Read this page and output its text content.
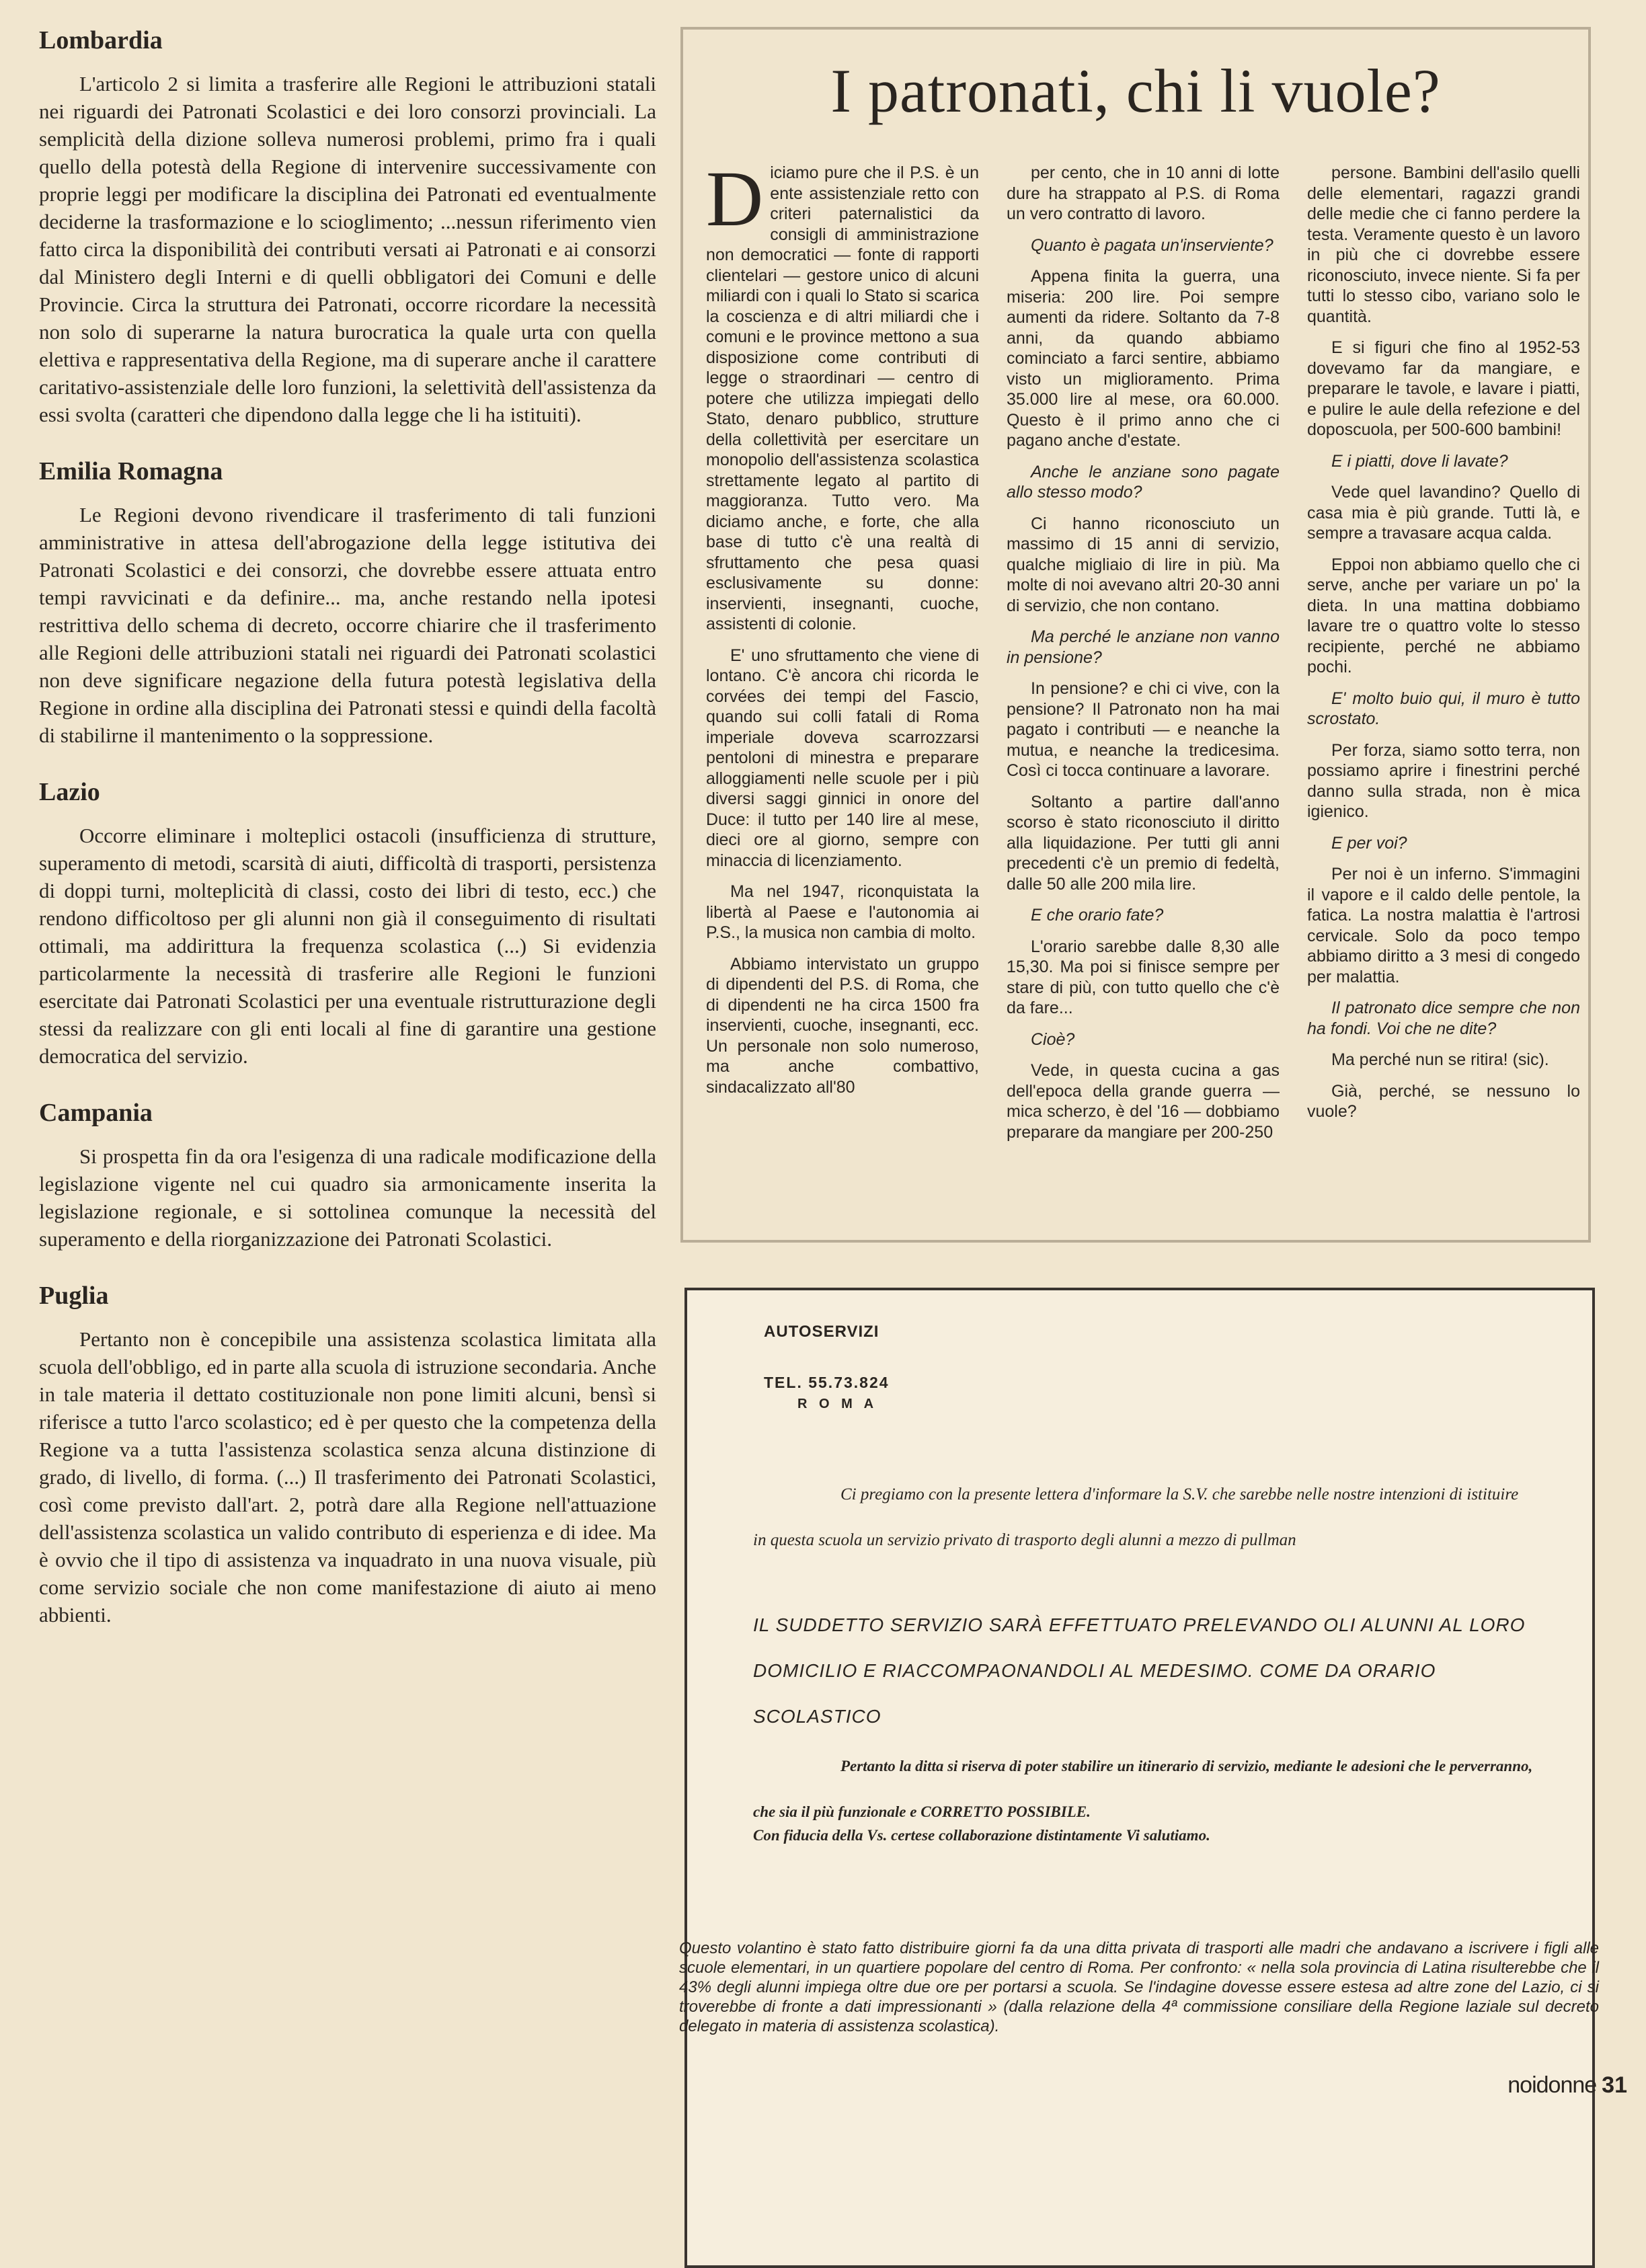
Lombardia

L'articolo 2 si limita a trasferire alle Regioni le attribuzioni statali nei riguardi dei Patronati Scolastici e dei loro consorzi provinciali. La semplicità della dizione solleva numerosi problemi, primo fra i quali quello della potestà della Regione di intervenire successivamente con proprie leggi per modificare la disciplina dei Patronati ed eventualmente deciderne la trasformazione e lo scioglimento; ...nessun riferimento vien fatto circa la disponibilità dei contributi versati ai Patronati e ai consorzi dal Ministero degli Interni e di quelli obbligatori dei Comuni e delle Provincie. Circa la struttura dei Patronati, occorre ricordare la necessità non solo di superarne la natura burocratica la quale urta con quella elettiva e rappresentativa della Regione, ma di superare anche il carattere caritativo-assistenziale delle loro funzioni, la selettività dell'assistenza da essi svolta (caratteri che dipendono dalla legge che li ha istituiti).

Emilia Romagna

Le Regioni devono rivendicare il trasferimento di tali funzioni amministrative in attesa dell'abrogazione della legge istitutiva dei Patronati Scolastici e dei consorzi, che dovrebbe essere attuata entro tempi ravvicinati e da definire... ma, anche restando nella ipotesi restrittiva dello schema di decreto, occorre chiarire che il trasferimento alle Regioni delle attribuzioni statali nei riguardi dei Patronati scolastici non deve significare negazione della futura potestà legislativa della Regione in ordine alla disciplina dei Patronati stessi e quindi della facoltà di stabilirne il mantenimento o la soppressione.

Lazio

Occorre eliminare i molteplici ostacoli (insufficienza di strutture, superamento di metodi, scarsità di aiuti, difficoltà di trasporti, persistenza di doppi turni, molteplicità di classi, costo dei libri di testo, ecc.) che rendono difficoltoso per gli alunni non già il conseguimento di risultati ottimali, ma addirittura la frequenza scolastica (...) Si evidenzia particolarmente la necessità di trasferire alle Regioni le funzioni esercitate dai Patronati Scolastici per una eventuale ristrutturazione degli stessi da realizzare con gli enti locali al fine di garantire una gestione democratica del servizio.

Campania

Si prospetta fin da ora l'esigenza di una radicale modificazione della legislazione vigente nel cui quadro sia armonicamente inserita la legislazione regionale, e si sottolinea comunque la necessità del superamento e della riorganizzazione dei Patronati Scolastici.

Puglia

Pertanto non è concepibile una assistenza scolastica limitata alla scuola dell'obbligo, ed in parte alla scuola di istruzione secondaria. Anche in tale materia il dettato costituzionale non pone limiti alcuni, bensì si riferisce a tutto l'arco scolastico; ed è per questo che la competenza della Regione va a tutta l'assistenza scolastica senza alcuna distinzione di grado, di livello, di forma. (...) Il trasferimento dei Patronati Scolastici, così come previsto dall'art. 2, potrà dare alla Regione nell'attuazione dell'assistenza scolastica un valido contributo di esperienza e di idee. Ma è ovvio che il tipo di assistenza va inquadrato in una nuova visuale, più come servizio sociale che non come manifestazione di aiuto ai meno abbienti.

I patronati, chi li vuole?

Diciamo pure che il P.S. è un ente assistenziale retto con criteri paternalistici da consigli di amministrazione non democratici — fonte di rapporti clientelari — gestore unico di alcuni miliardi con i quali lo Stato si scarica la coscienza e di altri miliardi che i comuni e le province mettono a sua disposizione come contributi di legge o straordinari — centro di potere che utilizza impiegati dello Stato, denaro pubblico, strutture della collettività per esercitare un monopolio dell'assistenza scolastica strettamente legato al partito di maggioranza. Tutto vero. Ma diciamo anche, e forte, che alla base di tutto c'è una realtà di sfruttamento che pesa quasi esclusivamente su donne: inservienti, insegnanti, cuoche, assistenti di colonie.

E' uno sfruttamento che viene di lontano. C'è ancora chi ricorda le corvées dei tempi del Fascio, quando sui colli fatali di Roma imperiale doveva scarrozzarsi pentoloni di minestra e preparare alloggiamenti nelle scuole per i più diversi saggi ginnici in onore del Duce: il tutto per 140 lire al mese, dieci ore al giorno, sempre con minaccia di licenziamento.

Ma nel 1947, riconquistata la libertà al Paese e l'autonomia ai P.S., la musica non cambia di molto.

Abbiamo intervistato un gruppo di dipendenti del P.S. di Roma, che di dipendenti ne ha circa 1500 fra inservienti, cuoche, insegnanti, ecc. Un personale non solo numeroso, ma anche combattivo, sindacalizzato all'80

per cento, che in 10 anni di lotte dure ha strappato al P.S. di Roma un vero contratto di lavoro.

Quanto è pagata un'inserviente?

Appena finita la guerra, una miseria: 200 lire. Poi sempre aumenti da ridere. Soltanto da 7-8 anni, da quando abbiamo cominciato a farci sentire, abbiamo visto un miglioramento. Prima 35.000 lire al mese, ora 60.000. Questo è il primo anno che ci pagano anche d'estate.

Anche le anziane sono pagate allo stesso modo?

Ci hanno riconosciuto un massimo di 15 anni di servizio, qualche migliaio di lire in più. Ma molte di noi avevano altri 20-30 anni di servizio, che non contano.

Ma perché le anziane non vanno in pensione?

In pensione? e chi ci vive, con la pensione? Il Patronato non ha mai pagato i contributi — e neanche la mutua, e neanche la tredicesima. Così ci tocca continuare a lavorare.

Soltanto a partire dall'anno scorso è stato riconosciuto il diritto alla liquidazione. Per tutti gli anni precedenti c'è un premio di fedeltà, dalle 50 alle 200 mila lire.

E che orario fate?

L'orario sarebbe dalle 8,30 alle 15,30. Ma poi si finisce sempre per stare di più, con tutto quello che c'è da fare...

Cioè?

Vede, in questa cucina a gas dell'epoca della grande guerra — mica scherzo, è del '16 — dobbiamo preparare da mangiare per 200-250

persone. Bambini dell'asilo quelli delle elementari, ragazzi grandi delle medie che ci fanno perdere la testa. Veramente questo è un lavoro in più che ci dovrebbe essere riconosciuto, invece niente. Si fa per tutti lo stesso cibo, variano solo le quantità.

E si figuri che fino al 1952-53 dovevamo far da mangiare, e preparare le tavole, e lavare i piatti, e pulire le aule della refezione e del doposcuola, per 500-600 bambini!

E i piatti, dove li lavate?

Vede quel lavandino? Quello di casa mia è più grande. Tutti là, e sempre a travasare acqua calda.

Eppoi non abbiamo quello che ci serve, anche per variare un po' la dieta. In una mattina dobbiamo lavare tre o quattro volte lo stesso recipiente, perché ne abbiamo pochi.

E' molto buio qui, il muro è tutto scrostato.

Per forza, siamo sotto terra, non possiamo aprire i finestrini perché danno sulla strada, non è mica igienico.

E per voi?

Per noi è un inferno. S'immagini il vapore e il caldo delle pentole, la fatica. La nostra malattia è l'artrosi cervicale. Solo da poco tempo abbiamo diritto a 3 mesi di congedo per malattia.

Il patronato dice sempre che non ha fondi. Voi che ne dite?

Ma perché nun se ritira! (sic).

Già, perché, se nessuno lo vuole?

AUTOSERVIZI
TEL. 55.73.824
R O M A
Ci pregiamo con la presente lettera d'informare la S.V. che sarebbe nelle nostre intenzioni di istituire in questa scuola un servizio privato di trasporto degli alunni a mezzo di pullman
IL SUDDETTO SERVIZIO SARÀ EFFETTUATO PRELEVANDO OLI ALUNNI AL LORO DOMICILIO E RIACCOMPAONANDOLI AL MEDESIMO. COME DA ORARIO SCOLASTICO
Pertanto la ditta si riserva di poter stabilire un itinerario di servizio, mediante le adesioni che le perverranno, che sia il più funzionale e CORRETTO POSSIBILE.
Con fiducia della Vs. certese collaborazione distintamente Vi salutiamo.
Questo volantino è stato fatto distribuire giorni fa da una ditta privata di trasporti alle madri che andavano a iscrivere i figli alle scuole elementari, in un quartiere popolare del centro di Roma. Per confronto: « nella sola provincia di Latina risulterebbe che il 43% degli alunni impiega oltre due ore per portarsi a scuola. Se l'indagine dovesse essere estesa ad altre zone del Lazio, ci si troverebbe di fronte a dati impressionanti » (dalla relazione della 4ª commissione consiliare della Regione laziale sul decreto delegato in materia di assistenza scolastica).
noidonne 31
